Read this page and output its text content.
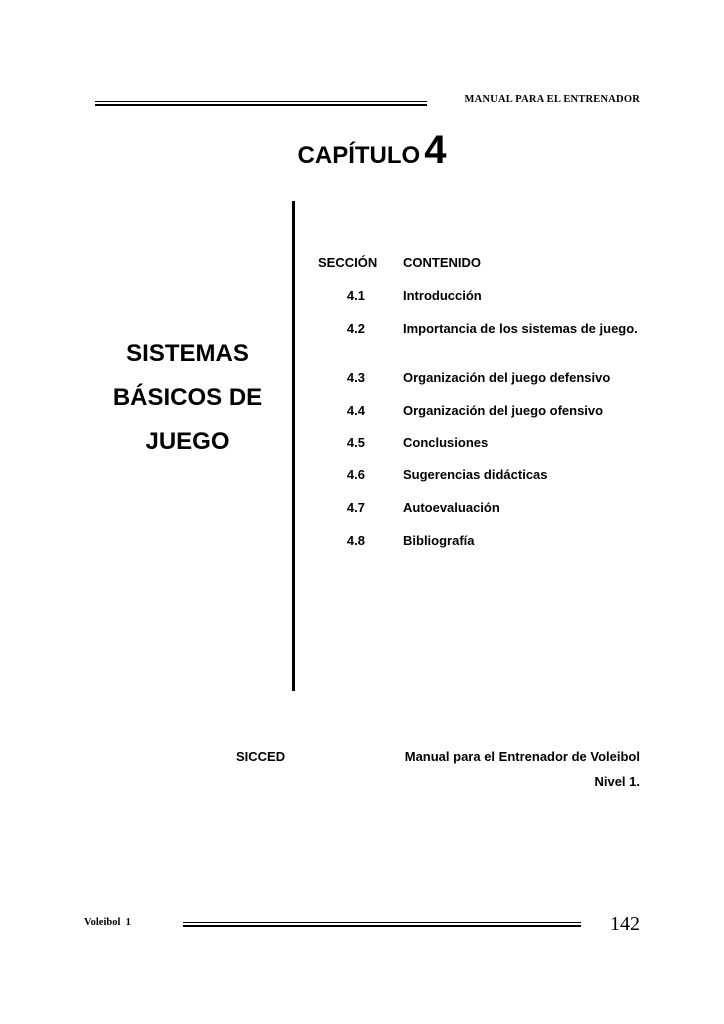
MANUAL PARA EL ENTRENADOR
CAPÍTULO 4
SISTEMAS
BÁSICOS DE
JUEGO
SECCIÓN	CONTENIDO
4.1	Introducción
4.2	Importancia de los sistemas de juego.
4.3	Organización del juego defensivo
4.4	Organización del juego ofensivo
4.5	Conclusiones
4.6	Sugerencias didácticas
4.7	Autoevaluación
4.8	Bibliografía
SICCED	Manual para el Entrenador de Voleibol
Nivel 1.
Voleibol  1	142
